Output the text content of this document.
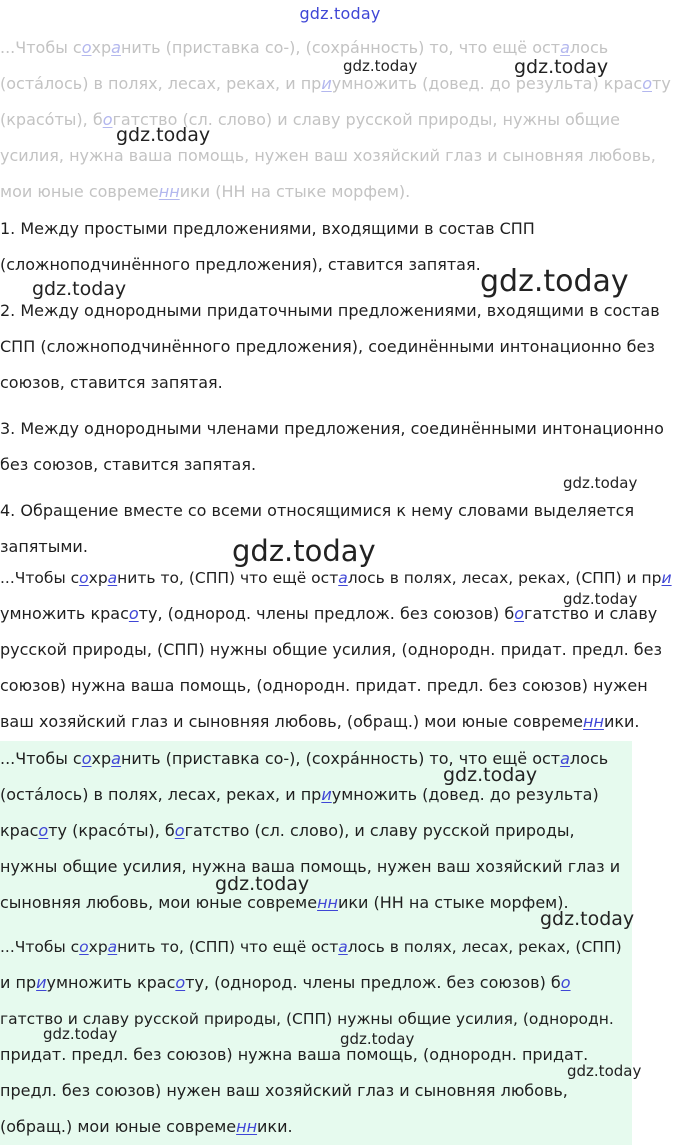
gdz.today
...Чтобы сохранить (приставка со-), (сохрáнность) то, что ещё осталось
(остáлось) в полях, лесах, реках, и приумножить (довед. до результа) красоту
(красóты), богатство (сл. слово) и славу русской природы, нужны общие
усилия, нужна ваша помощь, нужен ваш хозяйский глаз и сыновняя любовь,
мои юные современники (НН на стыке морфем).
1. Между простыми предложениями, входящими в состав СПП
(сложноподчинённого предложения), ставится запятая.
2. Между однородными придаточными предложениями, входящими в состав
СПП (сложноподчинённого предложения), соединёнными интонационно без
союзов, ставится запятая.
3. Между однородными членами предложения, соединёнными интонационно
без союзов, ставится запятая.
4. Обращение вместе со всеми относящимися к нему словами выделяется
запятыми.
...Чтобы сохранить то, (СПП) что ещё осталось в полях, лесах, реках, (СПП) и при
умножить красоту, (однород. члены предлож. без союзов) богатство и славу
русской природы, (СПП) нужны общие усилия, (однородн. придат. предл. без
союзов) нужна ваша помощь, (однородн. придат. предл. без союзов) нужен
ваш хозяйский глаз и сыновняя любовь, (обращ.) мои юные современники.
...Чтобы сохранить (приставка со-), (сохрáнность) то, что ещё осталось
(остáлось) в полях, лесах, реках, и приумножить (довед. до результа)
красоту (красóты), богатство (сл. слово), и славу русской природы,
нужны общие усилия, нужна ваша помощь, нужен ваш хозяйский глаз и
сыновняя любовь, мои юные современники (НН на стыке морфем).
...Чтобы сохранить то, (СПП) что ещё осталось в полях, лесах, реках, (СПП)
и приумножить красоту, (однород. члены предлож. без союзов) бо
гатство и славу русской природы, (СПП) нужны общие усилия, (однородн.
придат. предл. без союзов) нужна ваша помощь, (однородн. придат.
предл. без союзов) нужен ваш хозяйский глаз и сыновняя любовь,
(обращ.) мои юные современники.
gdz.today
gdz.today	gdz.today
gdz.today	gdz.today
gdz.today
gdz.today
gdz.today
gdz.today
gdz.today
gdz.today
gdz.today	gdz.today
gdz.today
